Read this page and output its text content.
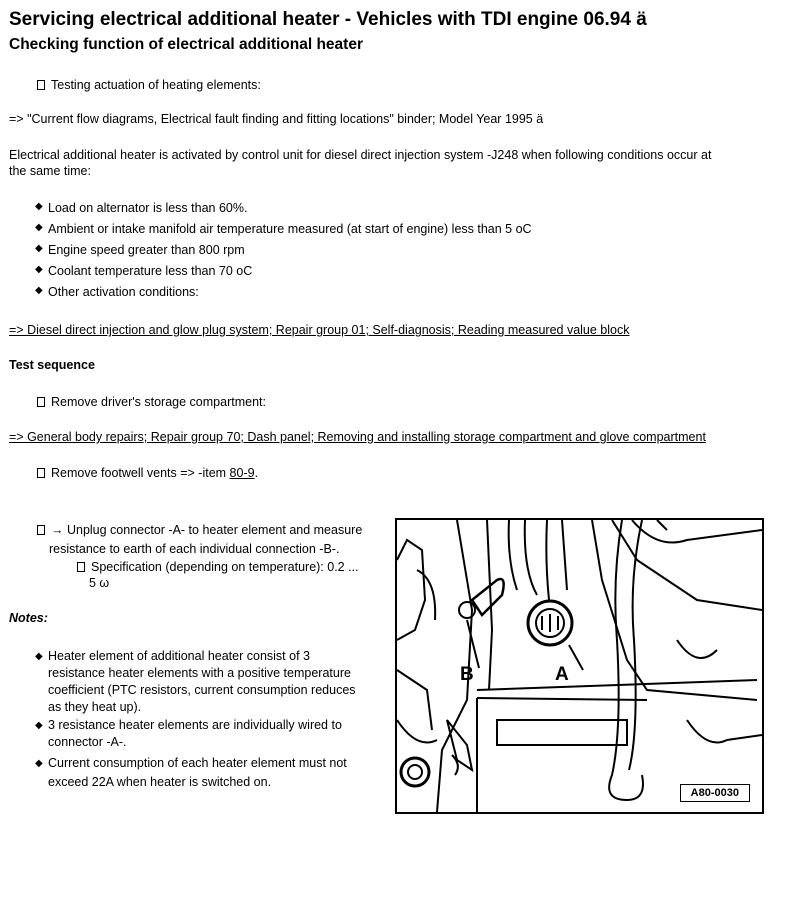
Servicing electrical additional heater - Vehicles with TDI engine 06.94 ä
Checking function of electrical additional heater
Testing actuation of heating elements:
=> "Current flow diagrams, Electrical fault finding and fitting locations" binder; Model Year 1995 ä
Electrical additional heater is activated by control unit for diesel direct injection system -J248 when following conditions occur at
the same time:
◆ Load on alternator is less than 60%.
◆ Ambient or intake manifold air temperature measured (at start of engine) less than 5 oC
◆ Engine speed greater than 800 rpm
◆ Coolant temperature less than 70 oC
◆ Other activation conditions:
=> Diesel direct injection and glow plug system; Repair group 01; Self-diagnosis; Reading measured value block
Test sequence
Remove driver's storage compartment:
=> General body repairs; Repair group 70; Dash panel; Removing and installing storage compartment and glove compartment
Remove footwell vents => -item 80-9.
→ Unplug connector -A- to heater element and measure
resistance to earth of each individual connection -B-.
Specification (depending on temperature): 0.2 ...
5 ω
Notes:
◆ Heater element of additional heater consist of 3
resistance heater elements with a positive temperature
coefficient (PTC resistors, current consumption reduces
as they heat up).
◆ 3 resistance heater elements are individually wired to
connector -A-.
◆ Current consumption of each heater element must not
exceed 22A when heater is switched on.
B	A
A80-0030
